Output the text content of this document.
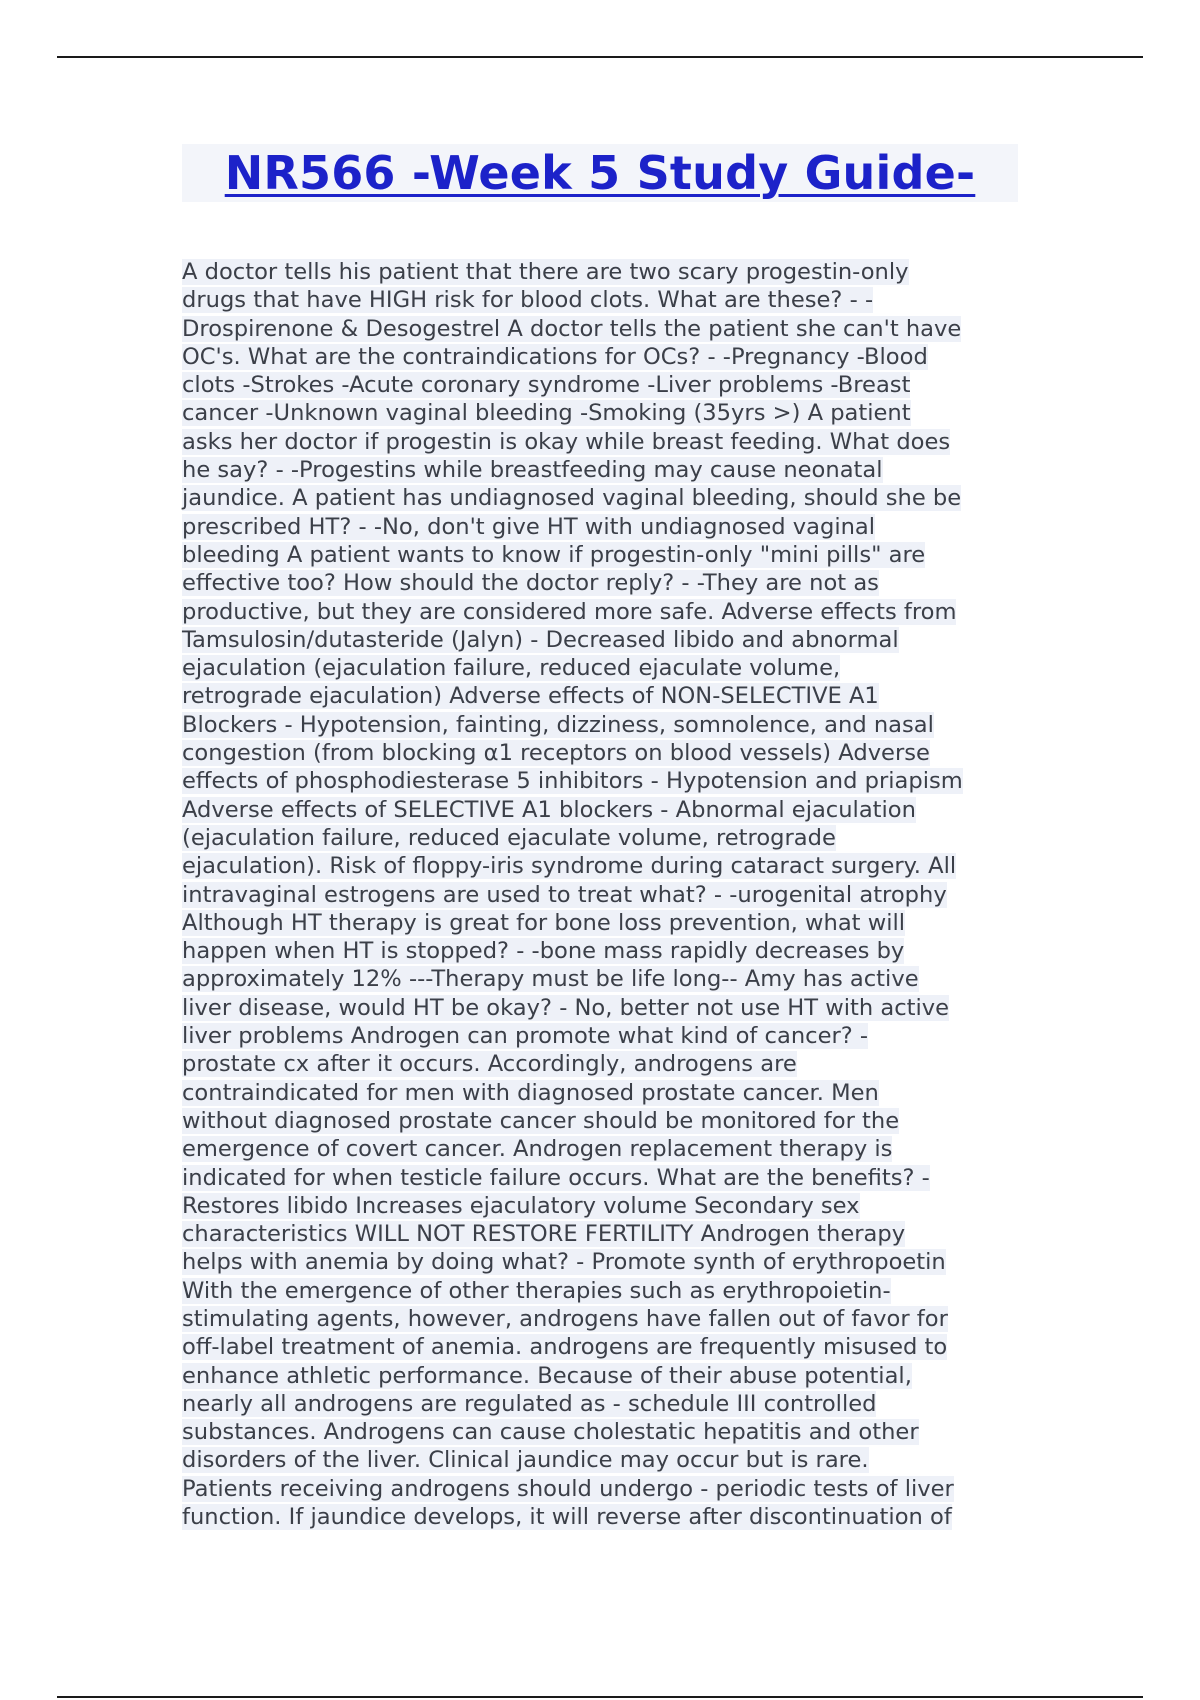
NR566 -Week 5 Study Guide-
A doctor tells his patient that there are two scary progestin-only
drugs that have HIGH risk for blood clots. What are these? - -
Drospirenone & Desogestrel A doctor tells the patient she can't have
OC's. What are the contraindications for OCs? - -Pregnancy -Blood
clots -Strokes -Acute coronary syndrome -Liver problems -Breast
cancer -Unknown vaginal bleeding -Smoking (35yrs >) A patient
asks her doctor if progestin is okay while breast feeding. What does
he say? - -Progestins while breastfeeding may cause neonatal
jaundice. A patient has undiagnosed vaginal bleeding, should she be
prescribed HT? - -No, don't give HT with undiagnosed vaginal
bleeding A patient wants to know if progestin-only "mini pills" are
effective too? How should the doctor reply? - -They are not as
productive, but they are considered more safe. Adverse effects from
Tamsulosin/dutasteride (Jalyn) - Decreased libido and abnormal
ejaculation (ejaculation failure, reduced ejaculate volume,
retrograde ejaculation) Adverse effects of NON-SELECTIVE A1
Blockers - Hypotension, fainting, dizziness, somnolence, and nasal
congestion (from blocking α1 receptors on blood vessels) Adverse
effects of phosphodiesterase 5 inhibitors - Hypotension and priapism
Adverse effects of SELECTIVE A1 blockers - Abnormal ejaculation
(ejaculation failure, reduced ejaculate volume, retrograde
ejaculation). Risk of floppy-iris syndrome during cataract surgery. All
intravaginal estrogens are used to treat what? - -urogenital atrophy
Although HT therapy is great for bone loss prevention, what will
happen when HT is stopped? - -bone mass rapidly decreases by
approximately 12% ---Therapy must be life long-- Amy has active
liver disease, would HT be okay? - No, better not use HT with active
liver problems Androgen can promote what kind of cancer? -
prostate cx after it occurs. Accordingly, androgens are
contraindicated for men with diagnosed prostate cancer. Men
without diagnosed prostate cancer should be monitored for the
emergence of covert cancer. Androgen replacement therapy is
indicated for when testicle failure occurs. What are the benefits? -
Restores libido Increases ejaculatory volume Secondary sex
characteristics WILL NOT RESTORE FERTILITY Androgen therapy
helps with anemia by doing what? - Promote synth of erythropoetin
With the emergence of other therapies such as erythropoietin-
stimulating agents, however, androgens have fallen out of favor for
off-label treatment of anemia. androgens are frequently misused to
enhance athletic performance. Because of their abuse potential,
nearly all androgens are regulated as - schedule III controlled
substances. Androgens can cause cholestatic hepatitis and other
disorders of the liver. Clinical jaundice may occur but is rare.
Patients receiving androgens should undergo - periodic tests of liver
function. If jaundice develops, it will reverse after discontinuation of
